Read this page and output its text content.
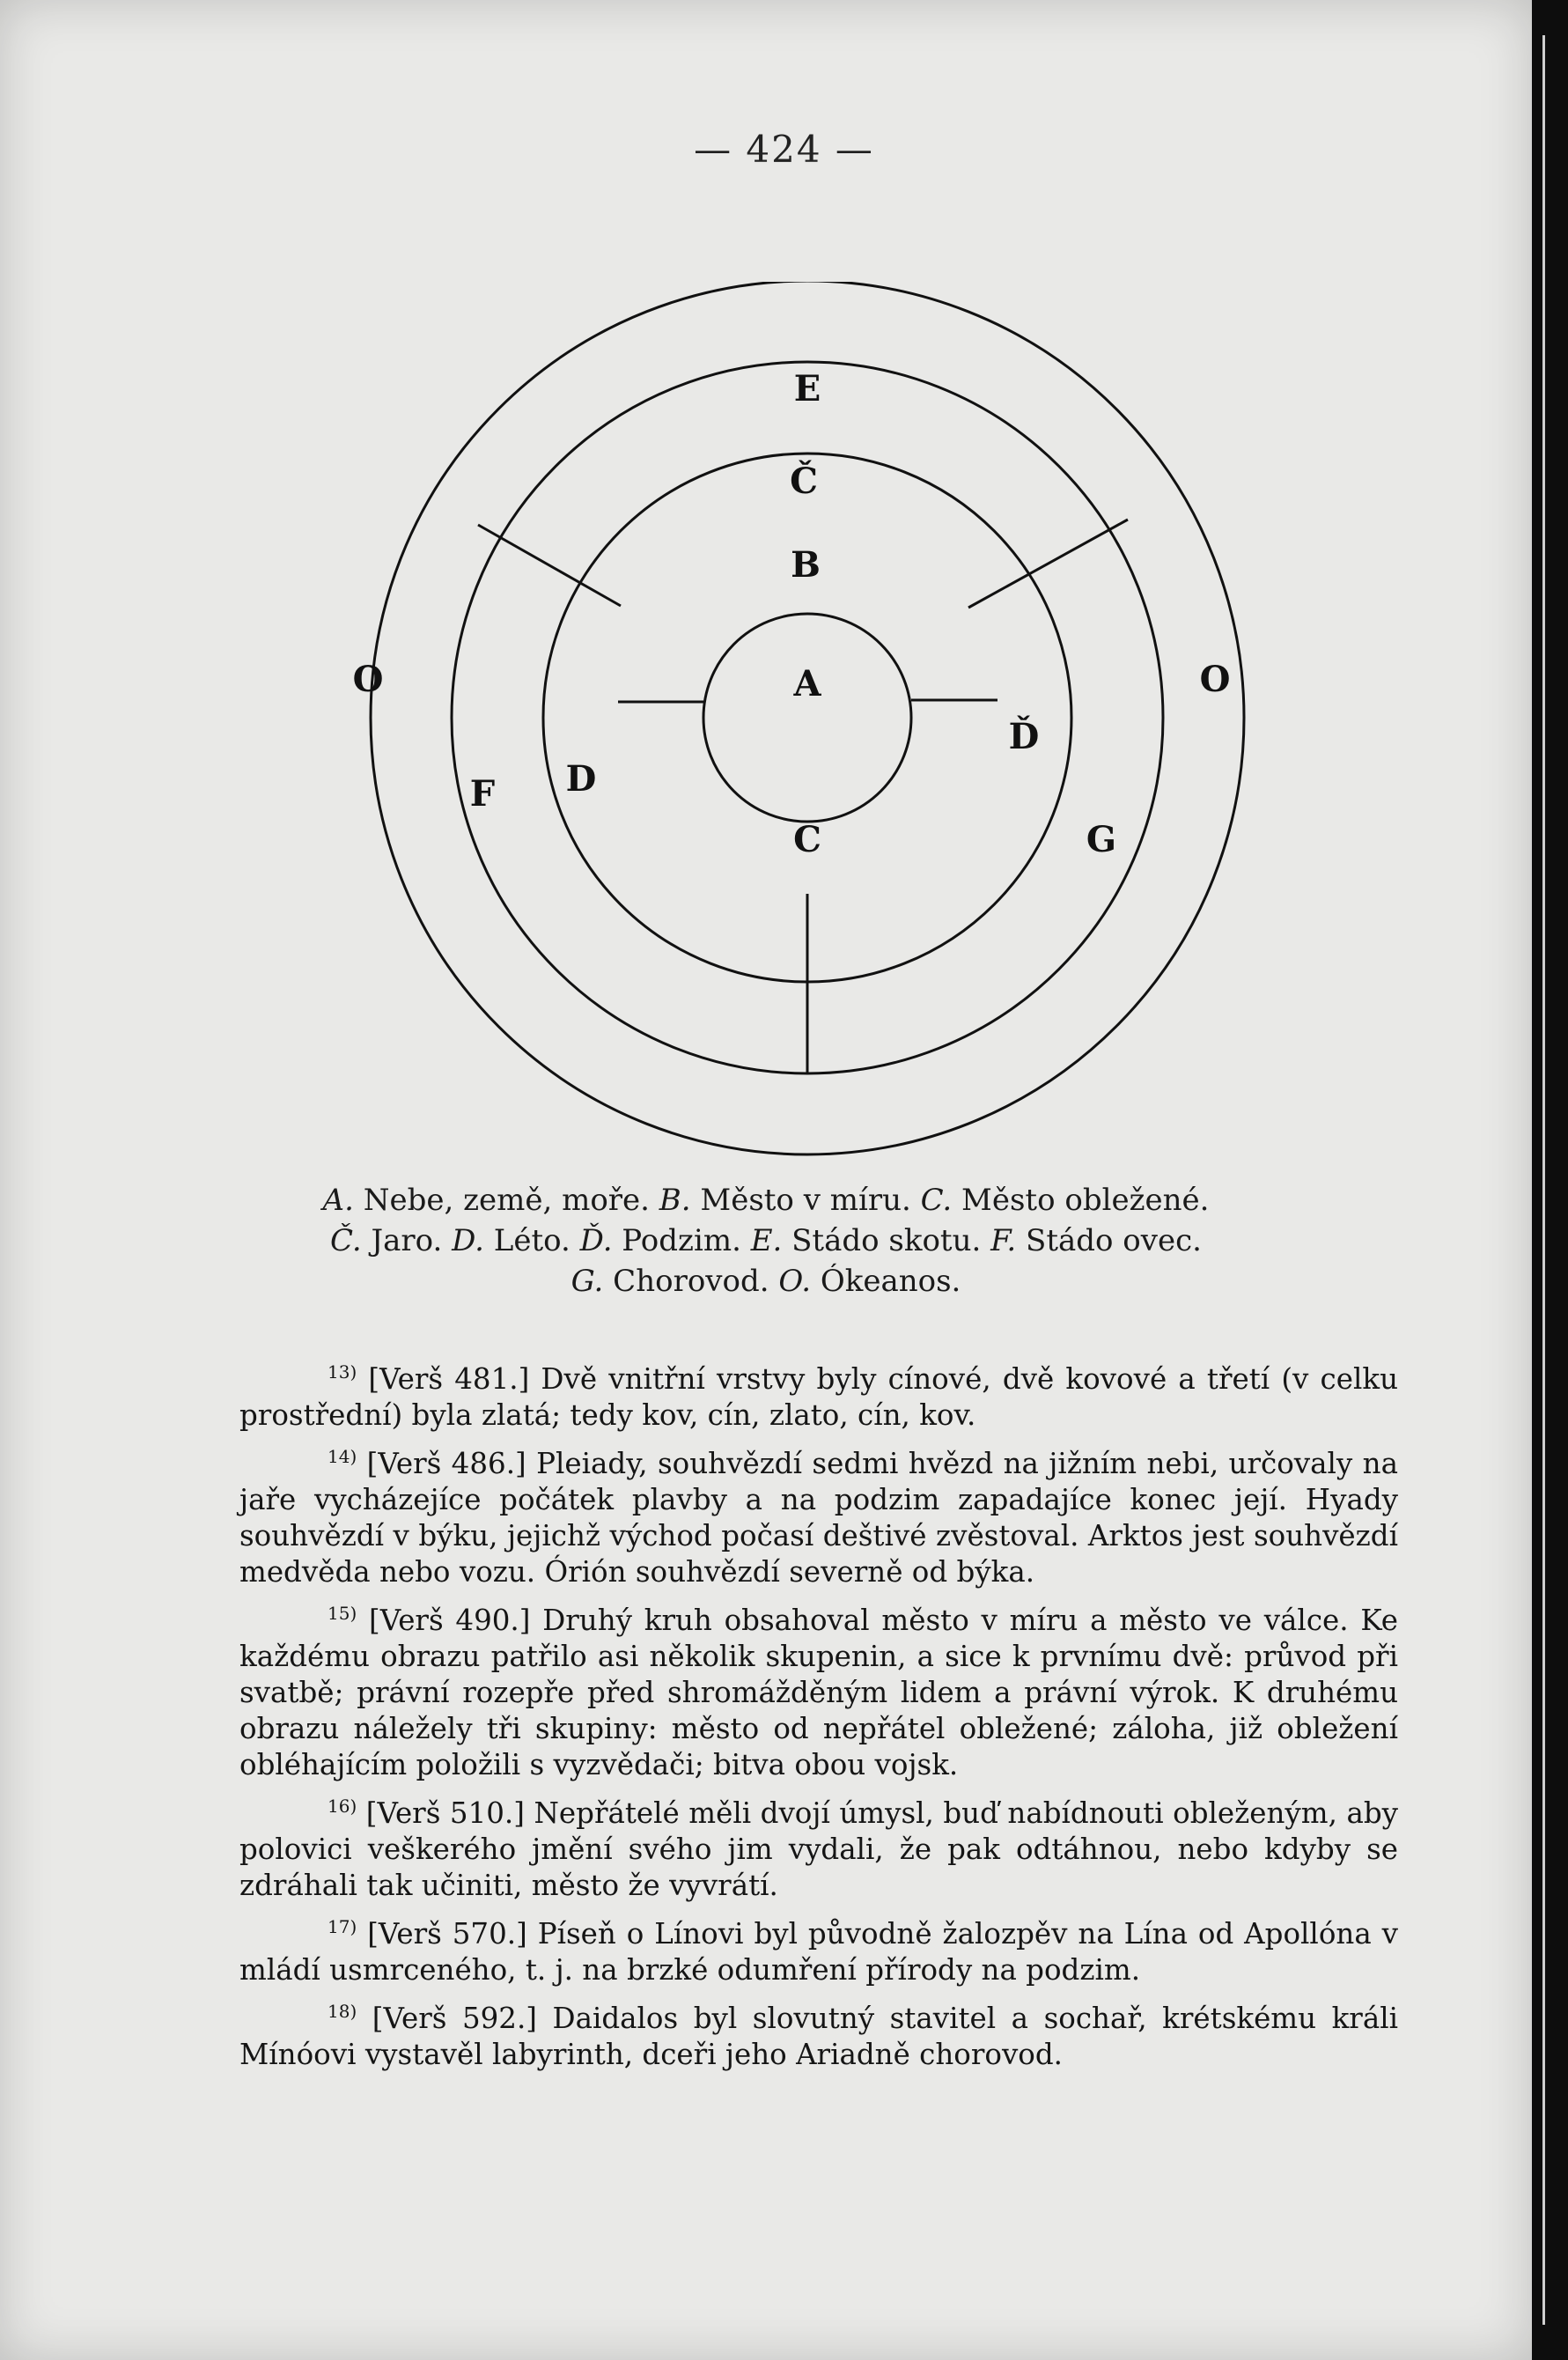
— 424 —
E
Č
B
A
O	O
Ď
F D
C	G
A. Nebe, země, moře. B. Město v míru. C. Město obležené.
Č. Jaro. D. Léto. Ď. Podzim. E. Stádo skotu. F. Stádo ovec.
G. Chorovod. O. Ókeanos.

$^{13)}$ [Verš 481.] Dvě vnitřní vrstvy byly cínové, dvě kovové a třetí (v celku prostřední) byla zlatá; tedy kov, cín, zlato, cín, kov.

$^{14)}$ [Verš 486.] Pleiady, souhvězdí sedmi hvězd na jižním nebi, určovaly na jaře vycházejíce počátek plavby a na podzim zapadajíce konec její. Hyady souhvězdí v býku, jejichž východ počasí deštivé zvěstoval. Arktos jest souhvězdí medvěda nebo vozu. Órión souhvězdí severně od býka.

$^{15)}$ [Verš 490.] Druhý kruh obsahoval město v míru a město ve válce. Ke každému obrazu patřilo asi několik skupenin, a sice k prvnímu dvě: průvod při svatbě; právní rozepře před shromážděným lidem a právní výrok. K druhému obrazu náležely tři skupiny: město od nepřátel obležené; záloha, již obležení obléhajícím položili s vyzvědači; bitva obou vojsk.

$^{16)}$ [Verš 510.] Nepřátelé měli dvojí úmysl, buď nabídnouti obleženým, aby polovici veškerého jmění svého jim vydali, že pak odtáhnou, nebo kdyby se zdráhali tak učiniti, město že vyvrátí.

$^{17)}$ [Verš 570.] Píseň o Línovi byl původně žalozpěv na Lína od Apollóna v mládí usmrceného, t. j. na brzké odumření přírody na podzim.

$^{18)}$ [Verš 592.] Daidalos byl slovutný stavitel a sochař, krétskému králi Mínóovi vystavěl labyrinth, dceři jeho Ariadně chorovod.
